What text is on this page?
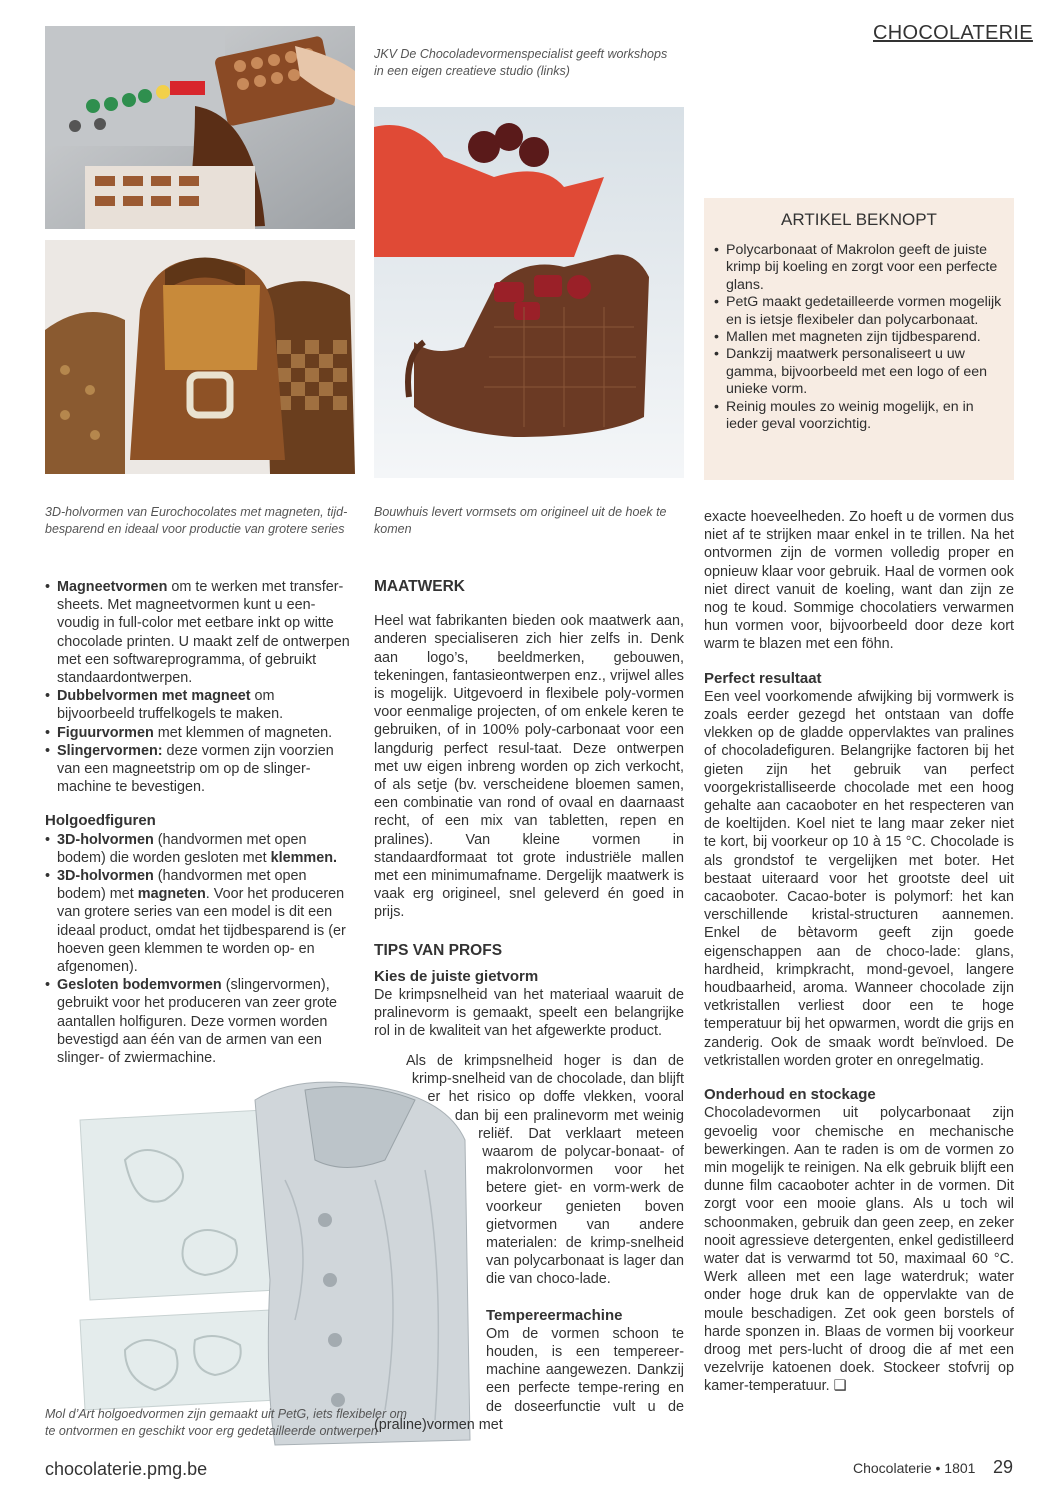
CHOCOLATERIE

JKV De Chocoladevormenspecialist geeft workshops in een eigen creatieve studio (links)

ARTIKEL BEKNOPT

• Polycarbonaat of Makrolon geeft de juiste krimp bij koeling en zorgt voor een perfecte glans.
• PetG maakt gedetailleerde vormen mogelijk en is ietsje flexibeler dan polycarbonaat.
• Mallen met magneten zijn tijdbesparend.
• Dankzij maatwerk personaliseert u uw gamma, bijvoorbeeld met een logo of een unieke vorm.
• Reinig moules zo weinig mogelijk, en in ieder geval voorzichtig.

3D-holvormen van Eurochocolates met magneten, tijd-besparend en ideaal voor productie van grotere series

Bouwhuis levert vormsets om origineel uit de hoek te komen

• Magneetvormen om te werken met transfer-sheets. Met magneetvormen kunt u een-voudig in full-color met eetbare inkt op witte chocolade printen. U maakt zelf de ontwerpen met een softwareprogramma, of gebruikt standaardontwerpen.
• Dubbelvormen met magneet om bijvoorbeeld truffelkogels te maken.
• Figuurvormen met klemmen of magneten.
• Slingervormen: deze vormen zijn voorzien van een magneetstrip om op de slinger-machine te bevestigen.

Holgoedfiguren

• 3D-holvormen (handvormen met open bodem) die worden gesloten met klemmen.
• 3D-holvormen (handvormen met open bodem) met magneten. Voor het produceren van grotere series van een model is dit een ideaal product, omdat het tijdbesparend is (er hoeven geen klemmen te worden op- en afgenomen).
• Gesloten bodemvormen (slingervormen), gebruikt voor het produceren van zeer grote aantallen holfiguren. Deze vormen worden bevestigd aan één van de armen van een slinger- of zwiermachine.

Mol d’Art holgoedvormen zijn gemaakt uit PetG, iets flexibeler om te ontvormen en geschikt voor erg gedetailleerde ontwerpen

MAATWERK

Heel wat fabrikanten bieden ook maatwerk aan, anderen specialiseren zich hier zelfs in. Denk aan logo’s, beeldmerken, gebouwen, tekeningen, fantasieontwerpen enz., vrijwel alles is mogelijk. Uitgevoerd in flexibele poly-vormen voor eenmalige projecten, of om enkele keren te gebruiken, of in 100% poly-carbonaat voor een langdurig perfect resul-taat. Deze ontwerpen met uw eigen inbreng worden op zich verkocht, of als setje (bv. verscheidene bloemen samen, een combinatie van rond of ovaal en daarnaast recht, of een mix van tabletten, repen en pralines). Van kleine vormen in standaardformaat tot grote industriële mallen met een minimumafname. Dergelijk maatwerk is vaak erg origineel, snel geleverd én goed in prijs.

TIPS VAN PROFS

Kies de juiste gietvorm

De krimpsnelheid van het materiaal waaruit de pralinevorm is gemaakt, speelt een belangrijke rol in de kwaliteit van het afgewerkte product.

Als de krimpsnelheid hoger is dan de krimp-snelheid van de chocolade, dan blijft er het risico op doffe vlekken, vooral dan bij een pralinevorm met weinig reliëf. Dat verklaart meteen waarom de polycar-bonaat- of makrolonvormen voor het betere giet- en vorm-werk de voorkeur genieten boven gietvormen van andere materialen: de krimp-snelheid van polycarbonaat is lager dan die van choco-lade.

Tempereermachine

Om de vormen schoon te houden, is een tempereer-machine aangewezen. Dankzij een perfecte tempe-rering en de doseerfunctie vult u de (praline)vormen met

exacte hoeveelheden. Zo hoeft u de vormen dus niet af te strijken maar enkel in te trillen. Na het ontvormen zijn de vormen volledig proper en opnieuw klaar voor gebruik. Haal de vormen ook niet direct vanuit de koeling, want dan zijn ze nog te koud. Sommige chocolatiers verwarmen hun vormen voor, bijvoorbeeld door deze kort warm te blazen met een föhn.

Perfect resultaat

Een veel voorkomende afwijking bij vormwerk is zoals eerder gezegd het ontstaan van doffe vlekken op de gladde oppervlaktes van pralines of chocoladefiguren. Belangrijke factoren bij het gieten zijn het gebruik van perfect voorgekristalliseerde chocolade met een hoog gehalte aan cacaoboter en het respecteren van de koeltijden. Koel niet te lang maar zeker niet te kort, bij voorkeur op 10 à 15 °C. Chocolade is als grondstof te vergelijken met boter. Het bestaat uiteraard voor het grootste deel uit cacaoboter. Cacao-boter is polymorf: het kan verschillende kristal-structuren aannemen. Enkel de bètavorm geeft zijn goede eigenschappen aan de choco-lade: glans, hardheid, krimpkracht, mond-gevoel, langere houdbaarheid, aroma. Wanneer chocolade zijn vetkristallen verliest door een te hoge temperatuur bij het opwarmen, wordt die grijs en zanderig. Ook de smaak wordt beïnvloed. De vetkristallen worden groter en onregelmatig.

Onderhoud en stockage

Chocoladevormen uit polycarbonaat zijn gevoelig voor chemische en mechanische bewerkingen. Aan te raden is om de vormen zo min mogelijk te reinigen. Na elk gebruik blijft een dunne film cacaoboter achter in de vormen. Dit zorgt voor een mooie glans. Als u toch wil schoonmaken, gebruik dan geen zeep, en zeker nooit agressieve detergenten, enkel gedistilleerd water dat is verwarmd tot 50, maximaal 60 °C. Werk alleen met een lage waterdruk; water onder hoge druk kan de oppervlakte van de moule beschadigen. Zet ook geen borstels of harde sponzen in. Blaas de vormen bij voorkeur droog met pers-lucht of droog die af met een vezelvrije katoenen doek. Stockeer stofvrij op kamer-temperatuur. ❑

chocolaterie.pmg.be	Chocolaterie • 1801 29
